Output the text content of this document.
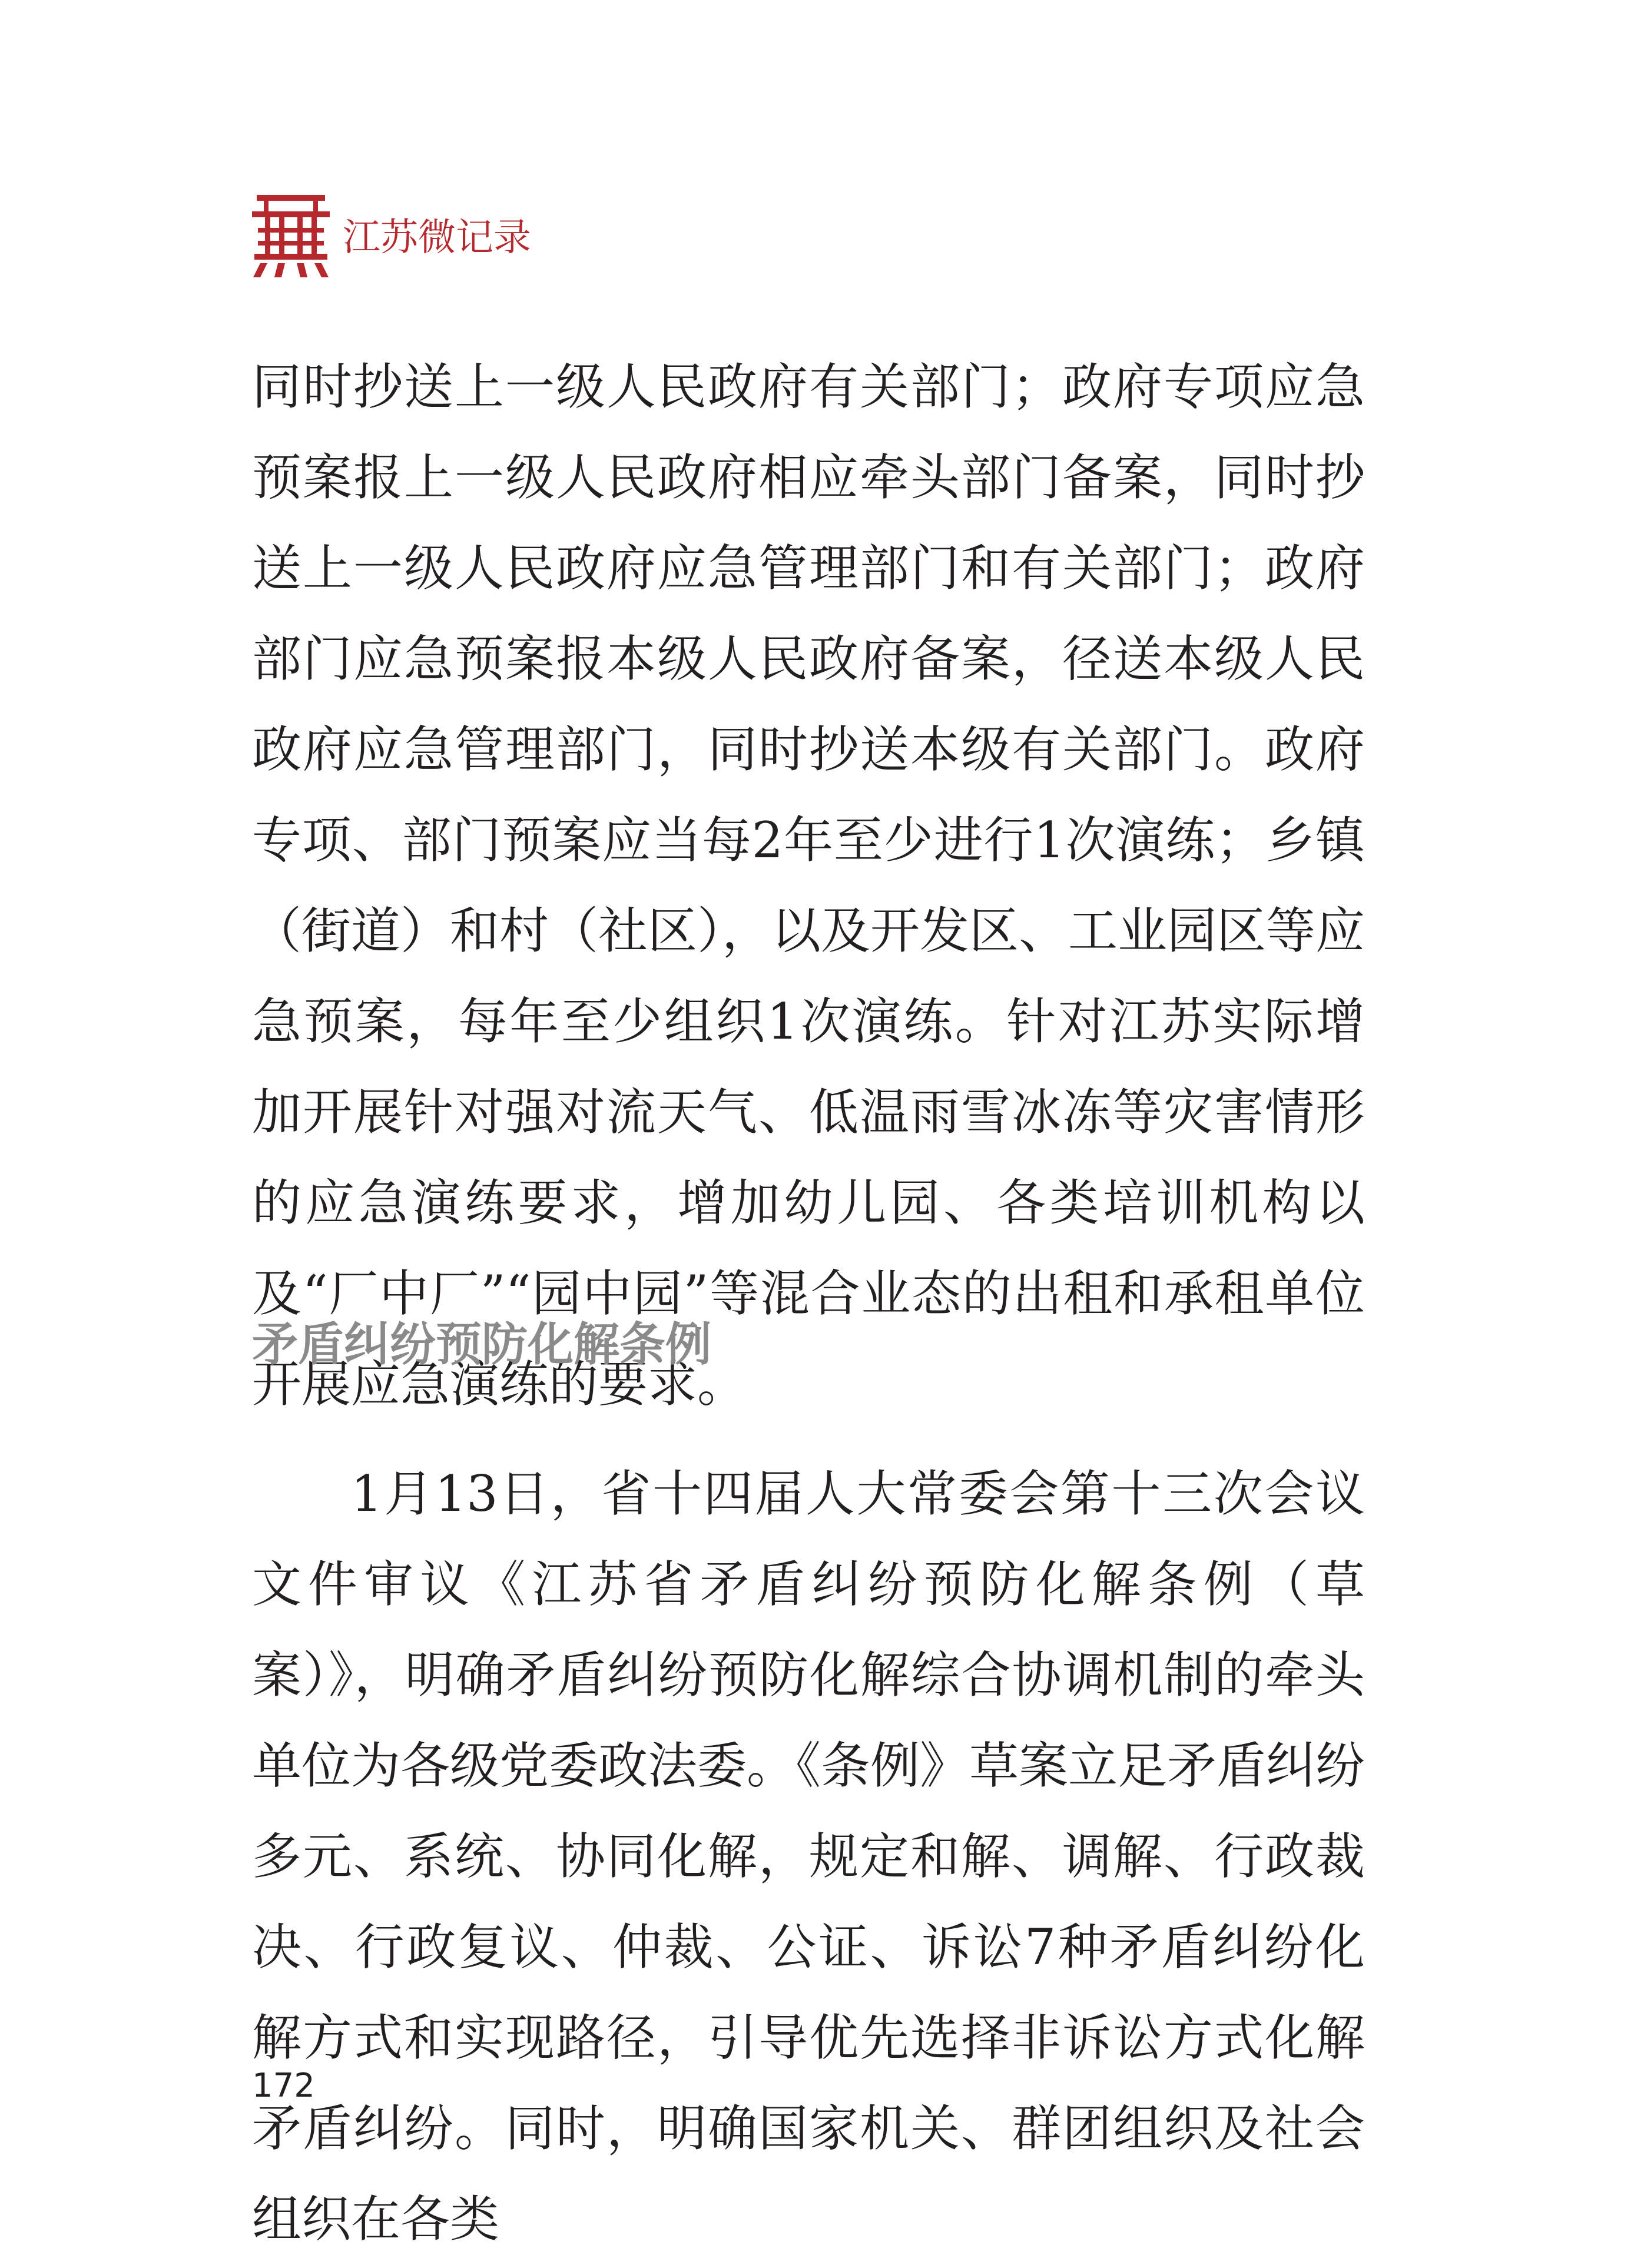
江苏微记录

同时抄送上一级人民政府有关部门；政府专项应急预案报上一级人民政府相应牵头部门备案，同时抄送上一级人民政府应急管理部门和有关部门；政府部门应急预案报本级人民政府备案，径送本级人民政府应急管理部门，同时抄送本级有关部门。政府专项、部门预案应当每2年至少进行1次演练；乡镇（街道）和村（社区），以及开发区、工业园区等应急预案，每年至少组织1次演练。针对江苏实际增加开展针对强对流天气、低温雨雪冰冻等灾害情形的应急演练要求，增加幼儿园、各类培训机构以及“厂中厂”“园中园”等混合业态的出租和承租单位开展应急演练的要求。

矛盾纠纷预防化解条例

1月13日，省十四届人大常委会第十三次会议文件审议《江苏省矛盾纠纷预防化解条例（草案）》，明确矛盾纠纷预防化解综合协调机制的牵头单位为各级党委政法委。《条例》草案立足矛盾纠纷多元、系统、协同化解，规定和解、调解、行政裁决、行政复议、仲裁、公证、诉讼7种矛盾纠纷化解方式和实现路径，引导优先选择非诉讼方式化解矛盾纠纷。同时，明确国家机关、群团组织及社会组织在各类

172
